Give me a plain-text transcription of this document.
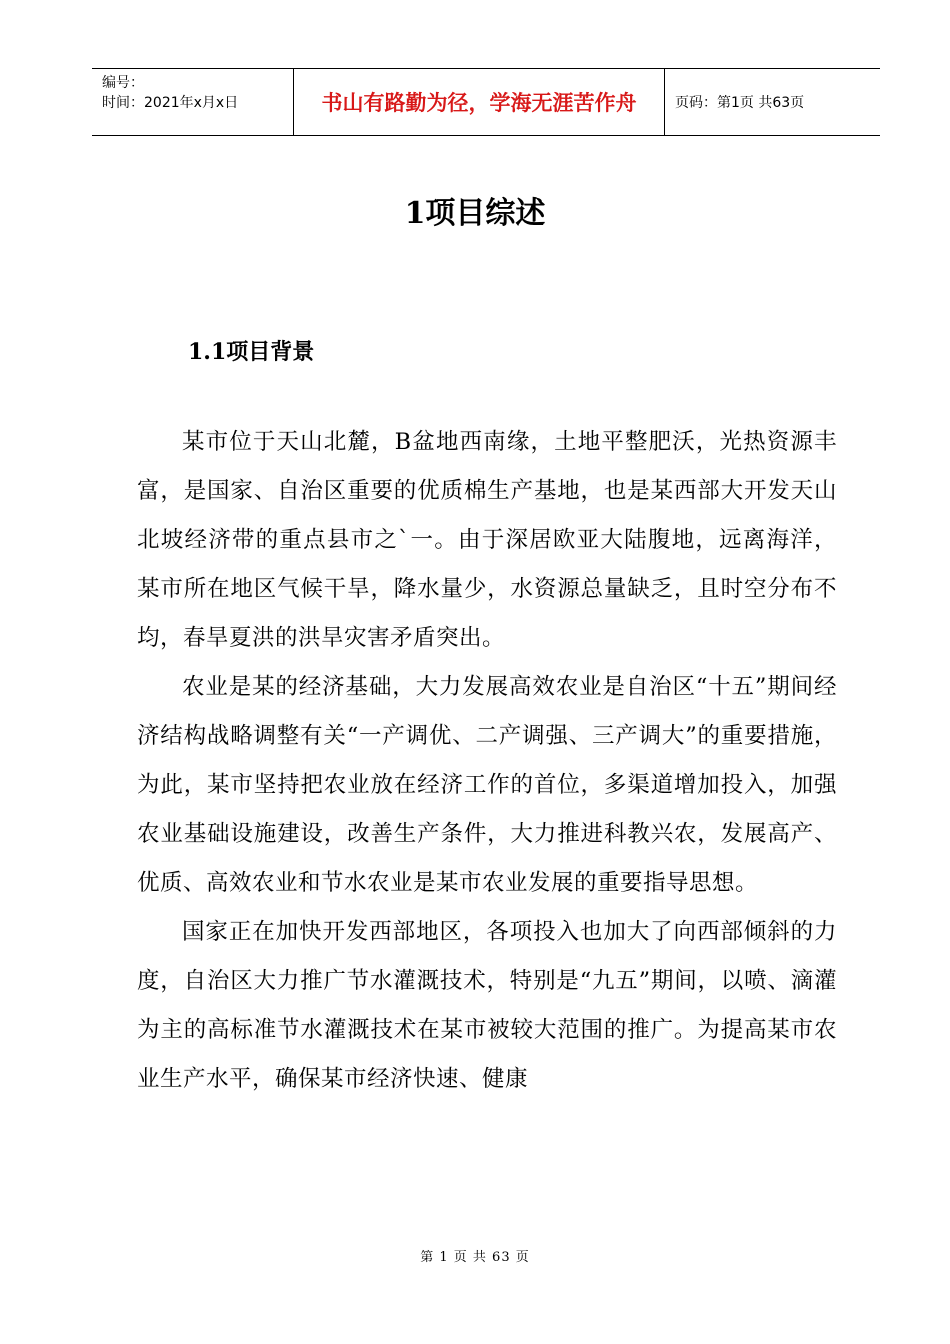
编号：
时间：2021年x月x日	书山有路勤为径，学海无涯苦作舟	页码：第1页 共63页
1项目综述
1.1项目背景

某市位于天山北麓，B盆地西南缘，土地平整肥沃，光热资源丰富，是国家、自治区重要的优质棉生产基地，也是某西部大开发天山北坡经济带的重点县市之`一。由于深居欧亚大陆腹地，远离海洋，某市所在地区气候干旱，降水量少，水资源总量缺乏，且时空分布不均，春旱夏洪的洪旱灾害矛盾突出。

农业是某的经济基础，大力发展高效农业是自治区“十五”期间经济结构战略调整有关“一产调优、二产调强、三产调大”的重要措施，为此，某市坚持把农业放在经济工作的首位，多渠道增加投入，加强农业基础设施建设，改善生产条件，大力推进科教兴农，发展高产、优质、高效农业和节水农业是某市农业发展的重要指导思想。

国家正在加快开发西部地区，各项投入也加大了向西部倾斜的力度，自治区大力推广节水灌溉技术，特别是“九五”期间，以喷、滴灌为主的高标准节水灌溉技术在某市被较大范围的推广。为提高某市农业生产水平，确保某市经济快速、健康

第 1 页 共 63 页
